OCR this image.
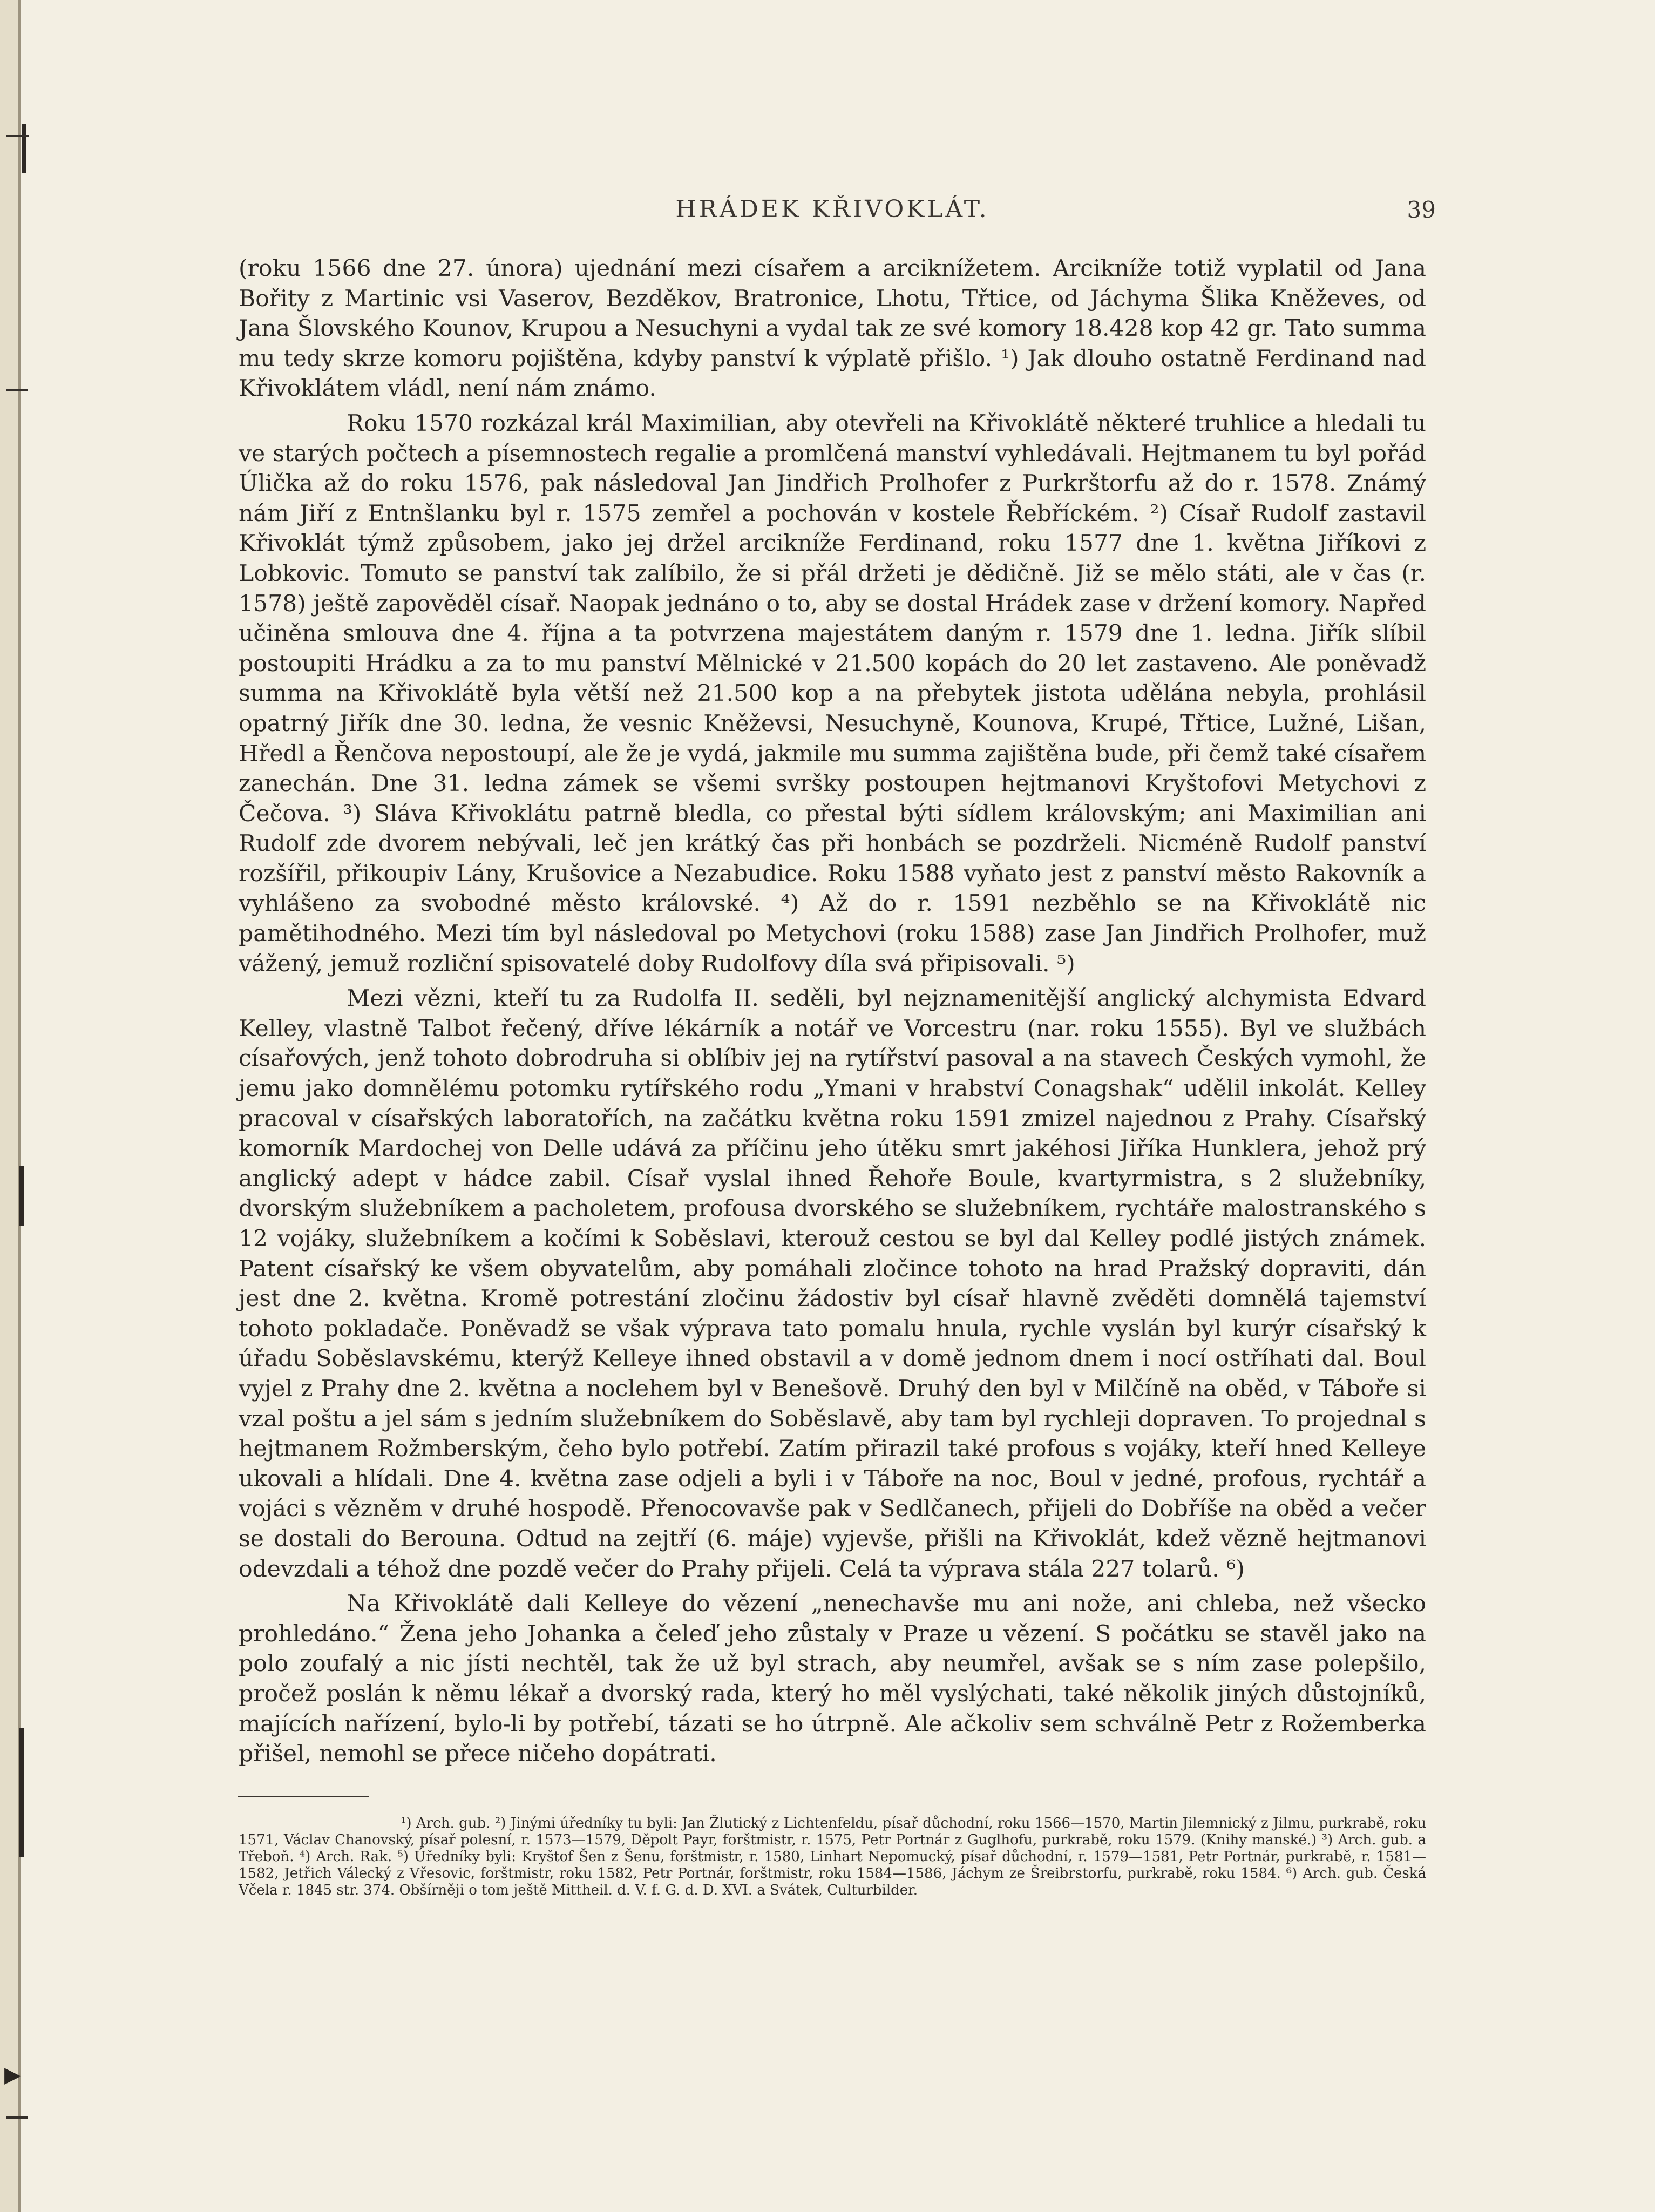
▶
HRÁDEK KŘIVOKLÁT.	39

(roku 1566 dne 27. února) ujednání mezi císařem a arciknížetem. Arcikníže totiž vyplatil od Jana Bořity z Martinic vsi Vaserov, Bezděkov, Bratronice, Lhotu, Třtice, od Jáchyma Šlika Kněževes, od Jana Šlovského Kounov, Krupou a Nesuchyni a vydal tak ze své komory 18.428 kop 42 gr. Tato summa mu tedy skrze komoru pojištěna, kdyby panství k výplatě přišlo. ¹) Jak dlouho ostatně Ferdinand nad Křivoklátem vládl, není nám známo.

Roku 1570 rozkázal král Maximilian, aby otevřeli na Křivoklátě některé truhlice a hledali tu ve starých počtech a písemnostech regalie a promlčená manství vyhledávali. Hejtmanem tu byl pořád Úlička až do roku 1576, pak následoval Jan Jindřich Prolhofer z Purkrštorfu až do r. 1578. Známý nám Jiří z Entnšlanku byl r. 1575 zemřel a pochován v kostele Řebříckém. ²) Císař Rudolf zastavil Křivoklát týmž způsobem, jako jej držel arcikníže Ferdinand, roku 1577 dne 1. května Jiříkovi z Lobkovic. Tomuto se panství tak zalíbilo, že si přál držeti je dědičně. Již se mělo státi, ale v čas (r. 1578) ještě zapověděl císař. Naopak jednáno o to, aby se dostal Hrádek zase v držení komory. Napřed učiněna smlouva dne 4. října a ta potvrzena majestátem daným r. 1579 dne 1. ledna. Jiřík slíbil postoupiti Hrádku a za to mu panství Mělnické v 21.500 kopách do 20 let zastaveno. Ale poněvadž summa na Křivoklátě byla větší než 21.500 kop a na přebytek jistota udělána nebyla, prohlásil opatrný Jiřík dne 30. ledna, že vesnic Kněževsi, Nesuchyně, Kounova, Krupé, Třtice, Lužné, Lišan, Hředl a Řenčova nepostoupí, ale že je vydá, jakmile mu summa zajištěna bude, při čemž také císařem zanechán. Dne 31. ledna zámek se všemi svršky postoupen hejtmanovi Kryštofovi Metychovi z Čečova. ³) Sláva Křivoklátu patrně bledla, co přestal býti sídlem královským; ani Maximilian ani Rudolf zde dvorem nebývali, leč jen krátký čas při honbách se pozdrželi. Nicméně Rudolf panství rozšířil, přikoupiv Lány, Krušovice a Nezabudice. Roku 1588 vyňato jest z panství město Rakovník a vyhlášeno za svobodné město královské. ⁴) Až do r. 1591 nezběhlo se na Křivoklátě nic pamětihodného. Mezi tím byl následoval po Metychovi (roku 1588) zase Jan Jindřich Prolhofer, muž vážený, jemuž rozliční spisovatelé doby Rudolfovy díla svá připisovali. ⁵)

Mezi vězni, kteří tu za Rudolfa II. seděli, byl nejznamenitější anglický alchymista Edvard Kelley, vlastně Talbot řečený, dříve lékárník a notář ve Vorcestru (nar. roku 1555). Byl ve službách císařových, jenž tohoto dobrodruha si oblíbiv jej na rytířství pasoval a na stavech Českých vymohl, že jemu jako domnělému potomku rytířského rodu „Ymani v hrabství Conagshak“ udělil inkolát. Kelley pracoval v císařských laboratořích, na začátku května roku 1591 zmizel najednou z Prahy. Císařský komorník Mardochej von Delle udává za příčinu jeho útěku smrt jakéhosi Jiříka Hunklera, jehož prý anglický adept v hádce zabil. Císař vyslal ihned Řehoře Boule, kvartyrmistra, s 2 služebníky, dvorským služebníkem a pacholetem, profousa dvorského se služebníkem, rychtáře malostranského s 12 vojáky, služebníkem a kočími k Soběslavi, kterouž cestou se byl dal Kelley podlé jistých známek. Patent císařský ke všem obyvatelům, aby pomáhali zločince tohoto na hrad Pražský dopraviti, dán jest dne 2. května. Kromě potrestání zločinu žádostiv byl císař hlavně zvěděti domnělá tajemství tohoto pokladače. Poněvadž se však výprava tato pomalu hnula, rychle vyslán byl kurýr císařský k úřadu Soběslavskému, kterýž Kelleye ihned obstavil a v domě jednom dnem i nocí ostříhati dal. Boul vyjel z Prahy dne 2. května a noclehem byl v Benešově. Druhý den byl v Milčíně na oběd, v Táboře si vzal poštu a jel sám s jedním služebníkem do Soběslavě, aby tam byl rychleji dopraven. To projednal s hejtmanem Rožmberským, čeho bylo potřebí. Zatím přirazil také profous s vojáky, kteří hned Kelleye ukovali a hlídali. Dne 4. května zase odjeli a byli i v Táboře na noc, Boul v jedné, profous, rychtář a vojáci s vězněm v druhé hospodě. Přenocovavše pak v Sedlčanech, přijeli do Dobříše na oběd a večer se dostali do Berouna. Odtud na zejtří (6. máje) vyjevše, přišli na Křivoklát, kdež vězně hejtmanovi odevzdali a téhož dne pozdě večer do Prahy přijeli. Celá ta výprava stála 227 tolarů. ⁶)

Na Křivoklátě dali Kelleye do vězení „nenechavše mu ani nože, ani chleba, než všecko prohledáno.“ Žena jeho Johanka a čeleď jeho zůstaly v Praze u vězení. S počátku se stavěl jako na polo zoufalý a nic jísti nechtěl, tak že už byl strach, aby neumřel, avšak se s ním zase polepšilo, pročež poslán k němu lékař a dvorský rada, který ho měl vyslýchati, také několik jiných důstojníků, majících nařízení, bylo-li by potřebí, tázati se ho útrpně. Ale ačkoliv sem schválně Petr z Rožemberka přišel, nemohl se přece ničeho dopátrati.

¹) Arch. gub. ²) Jinými úředníky tu byli: Jan Žlutický z Lichtenfeldu, písař důchodní, roku 1566—1570, Martin Jilemnický z Jilmu, purkrabě, roku 1571, Václav Chanovský, písař polesní, r. 1573—1579, Děpolt Payr, forštmistr, r. 1575, Petr Portnár z Guglhofu, purkrabě, roku 1579. (Knihy manské.) ³) Arch. gub. a Třeboň. ⁴) Arch. Rak. ⁵) Úředníky byli: Kryštof Šen z Šenu, forštmistr, r. 1580, Linhart Nepomucký, písař důchodní, r. 1579—1581, Petr Portnár, purkrabě, r. 1581—1582, Jetřich Válecký z Vřesovic, forštmistr, roku 1582, Petr Portnár, forštmistr, roku 1584—1586, Jáchym ze Šreibrstorfu, purkrabě, roku 1584. ⁶) Arch. gub. Česká Včela r. 1845 str. 374. Obšírněji o tom ještě Mittheil. d. V. f. G. d. D. XVI. a Svátek, Culturbilder.
